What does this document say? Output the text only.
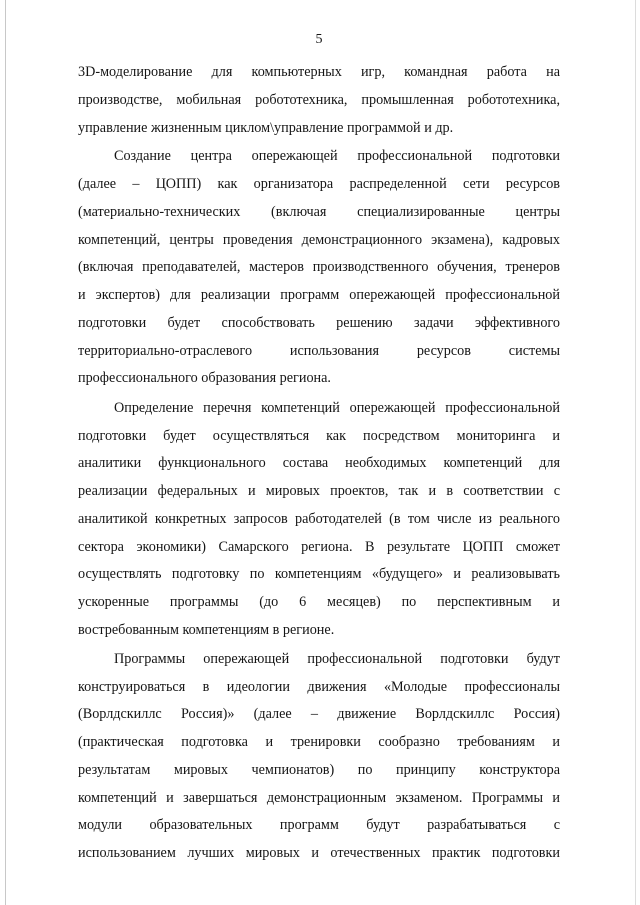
5
3D-моделирование для компьютерных игр, командная работа на
производстве, мобильная робототехника, промышленная робототехника,
управление жизненным циклом\управление программой и др.
Создание центра опережающей профессиональной подготовки
(далее – ЦОПП) как организатора распределенной сети ресурсов
(материально-технических (включая специализированные центры
компетенций, центры проведения демонстрационного экзамена), кадровых
(включая преподавателей, мастеров производственного обучения, тренеров
и экспертов) для реализации программ опережающей профессиональной
подготовки будет способствовать решению задачи эффективного
территориально-отраслевого использования ресурсов системы
профессионального образования региона.
Определение перечня компетенций опережающей профессиональной
подготовки будет осуществляться как посредством мониторинга и
аналитики функционального состава необходимых компетенций для
реализации федеральных и мировых проектов, так и в соответствии с
аналитикой конкретных запросов работодателей (в том числе из реального
сектора экономики) Самарского региона. В результате ЦОПП сможет
осуществлять подготовку по компетенциям «будущего» и реализовывать
ускоренные программы (до 6 месяцев) по перспективным и
востребованным компетенциям в регионе.
Программы опережающей профессиональной подготовки будут
конструироваться в идеологии движения «Молодые профессионалы
(Ворлдскиллс Россия)» (далее – движение Ворлдскиллс Россия)
(практическая подготовка и тренировки сообразно требованиям и
результатам мировых чемпионатов) по принципу конструктора
компетенций и завершаться демонстрационным экзаменом. Программы и
модули образовательных программ будут разрабатываться с
использованием лучших мировых и отечественных практик подготовки
